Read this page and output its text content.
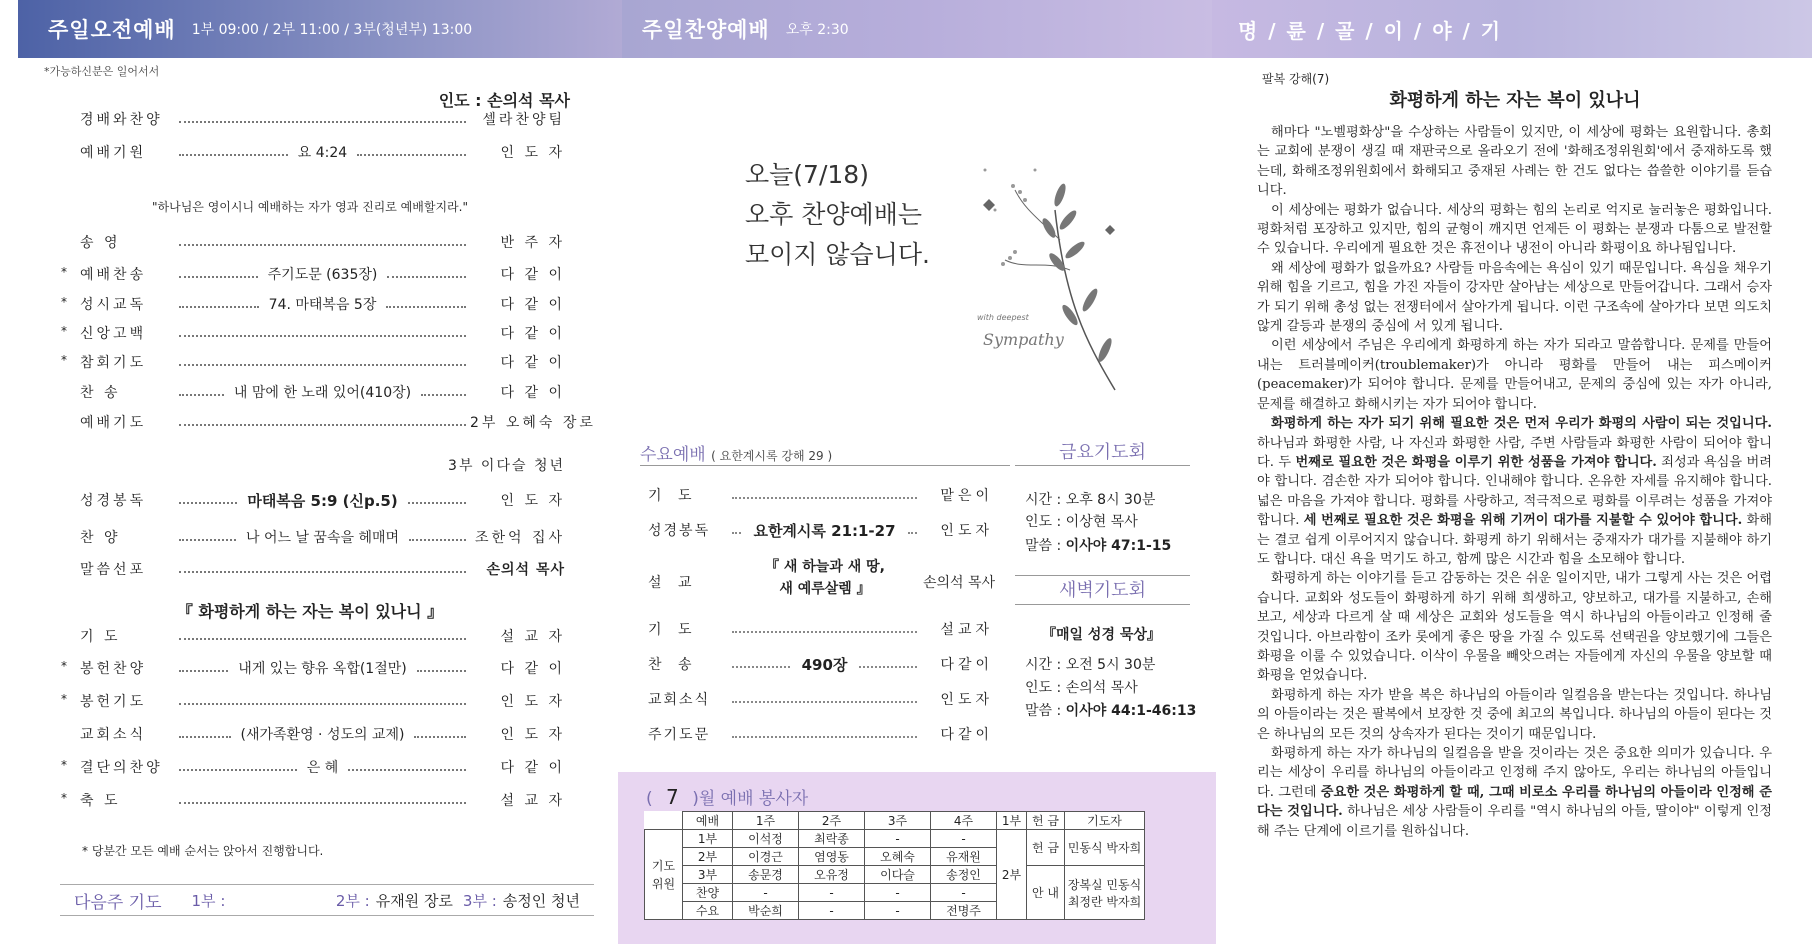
주일오전예배 1부 09:00 / 2부 11:00 / 3부(청년부) 13:00	주일찬양예배 오후 2:30	명 / 륜 / 골 / 이 / 야 / 기
*가능하신분은 일어서서
인도 : 손의석 목사
경배와찬양	셀라찬양팀
예배기원	요 4:24	인 도 자
송 영	반 주 자
* 예배찬송	주기도문 (635장)	다 같 이
* 성시교독	74. 마태복음 5장	다 같 이
* 신앙고백	다 같 이
* 참회기도	다 같 이
찬 송	내 맘에 한 노래 있어(410장)	다 같 이
예배기도	2부 오혜숙 장로
성경봉독	마태복음 5:9 (신p.5)	인 도 자
찬 양	나 어느 날 꿈속을 헤매며	조한억 집사
말씀선포	손의석 목사
기 도	설 교 자
* 봉헌찬양	내게 있는 향유 옥합(1절만)	다 같 이
* 봉헌기도	인 도 자
교회소식	(새가족환영 · 성도의 교제)	인 도 자
* 결단의찬양	은 혜	다 같 이
* 축 도	설 교 자
"하나님은 영이시니 예배하는 자가 영과 진리로 예배할지라."
3부 이다슬 청년
『 화평하게 하는 자는 복이 있나니 』
* 당분간 모든 예배 순서는 앉아서 진행합니다.
다음주 기도 1부 :	2부 : 유재원 장로 3부 : 송정인 청년
오늘(7/18)
오후 찬양예배는
모이지 않습니다.
with deepest
Sympathy
수요예배 ( 요한계시록 강해 29 )
기 도	맡은이
성경봉독	요한계시록 21:1-27	인도자
설 교	손의석 목사
기 도	설교자
찬 송	490장	다같이
교회소식	인도자
주기도문	다같이
『 새 하늘과 새 땅,
새 예루살렘 』
금요기도회
시간 : 오후 8시 30분
인도 : 이상현 목사
말씀 : 이사야 47:1-15
새벽기도회
『매일 성경 묵상』
시간 : 오전 5시 30분
인도 : 손의석 목사
말씀 : 이사야 44:1-46:13
( 7 )월 예배 봉사자
	예배	1주	2주	3주	4주	1부	헌 금	기도자
기도 위원	1부	이석정	최락종	-	-	2부	헌 금	민동식 박자희
	2부	이경근	염영동	오혜숙	유재원			
	3부	송문경	오유정	이다슬	송정인		안 내	장복실 민동식
최정란 박자희

	찬양	-	-	-	-			
	수요	박순희	-	-	전명주			
팔복 강해(7)
화평하게 하는 자는 복이 있나니

해마다 "노벨평화상"을 수상하는 사람들이 있지만, 이 세상에 평화는 요원합니다. 총회는 교회에 분쟁이 생길 때 재판국으로 올라오기 전에 '화해조정위원회'에서 중재하도록 했는데, 화해조정위원회에서 화해되고 중재된 사례는 한 건도 없다는 씁쓸한 이야기를 듣습니다.

이 세상에는 평화가 없습니다. 세상의 평화는 힘의 논리로 억지로 눌러놓은 평화입니다. 평화처럼 포장하고 있지만, 힘의 균형이 깨지면 언제든 이 평화는 분쟁과 다툼으로 발전할 수 있습니다. 우리에게 필요한 것은 휴전이나 냉전이 아니라 화평이요 하나됨입니다.

왜 세상에 평화가 없을까요? 사람들 마음속에는 욕심이 있기 때문입니다. 욕심을 채우기 위해 힘을 기르고, 힘을 가진 자들이 강자만 살아남는 세상으로 만들어갑니다. 그래서 승자가 되기 위해 총성 없는 전쟁터에서 살아가게 됩니다. 이런 구조속에 살아가다 보면 의도치 않게 갈등과 분쟁의 중심에 서 있게 됩니다.

이런 세상에서 주님은 우리에게 화평하게 하는 자가 되라고 말씀합니다. 문제를 만들어내는 트러블메이커(troublemaker)가 아니라 평화를 만들어 내는 피스메이커(peacemaker)가 되어야 합니다. 문제를 만들어내고, 문제의 중심에 있는 자가 아니라, 문제를 해결하고 화해시키는 자가 되어야 합니다.

화평하게 하는 자가 되기 위해 필요한 것은 먼저 우리가 화평의 사람이 되는 것입니다. 하나님과 화평한 사람, 나 자신과 화평한 사람, 주변 사람들과 화평한 사람이 되어야 합니다. 두 번째로 필요한 것은 화평을 이루기 위한 성품을 가져야 합니다. 죄성과 욕심을 버려야 합니다. 겸손한 자가 되어야 합니다. 인내해야 합니다. 온유한 자세를 유지해야 합니다. 넓은 마음을 가져야 합니다. 평화를 사랑하고, 적극적으로 평화를 이루려는 성품을 가져야 합니다. 세 번째로 필요한 것은 화평을 위해 기꺼이 대가를 지불할 수 있어야 합니다. 화해는 결코 쉽게 이루어지지 않습니다. 화평케 하기 위해서는 중재자가 대가를 지불해야 하기도 합니다. 대신 욕을 먹기도 하고, 함께 많은 시간과 힘을 소모해야 합니다.

화평하게 하는 이야기를 듣고 감동하는 것은 쉬운 일이지만, 내가 그렇게 사는 것은 어렵습니다. 교회와 성도들이 화평하게 하기 위해 희생하고, 양보하고, 대가를 지불하고, 손해보고, 세상과 다르게 살 때 세상은 교회와 성도들을 역시 하나님의 아들이라고 인정해 줄 것입니다. 아브라함이 조카 롯에게 좋은 땅을 가질 수 있도록 선택권을 양보했기에 그들은 화평을 이룰 수 있었습니다. 이삭이 우물을 빼앗으려는 자들에게 자신의 우물을 양보할 때 화평을 얻었습니다.

화평하게 하는 자가 받을 복은 하나님의 아들이라 일컬음을 받는다는 것입니다. 하나님의 아들이라는 것은 팔복에서 보장한 것 중에 최고의 복입니다. 하나님의 아들이 된다는 것은 하나님의 모든 것의 상속자가 된다는 것이기 때문입니다.

화평하게 하는 자가 하나님의 일컬음을 받을 것이라는 것은 중요한 의미가 있습니다. 우리는 세상이 우리를 하나님의 아들이라고 인정해 주지 않아도, 우리는 하나님의 아들입니다. 그런데 중요한 것은 화평하게 할 때, 그때 비로소 우리를 하나님의 아들이라 인정해 준다는 것입니다. 하나님은 세상 사람들이 우리를 "역시 하나님의 아들, 딸이야" 이렇게 인정해 주는 단계에 이르기를 원하십니다.
